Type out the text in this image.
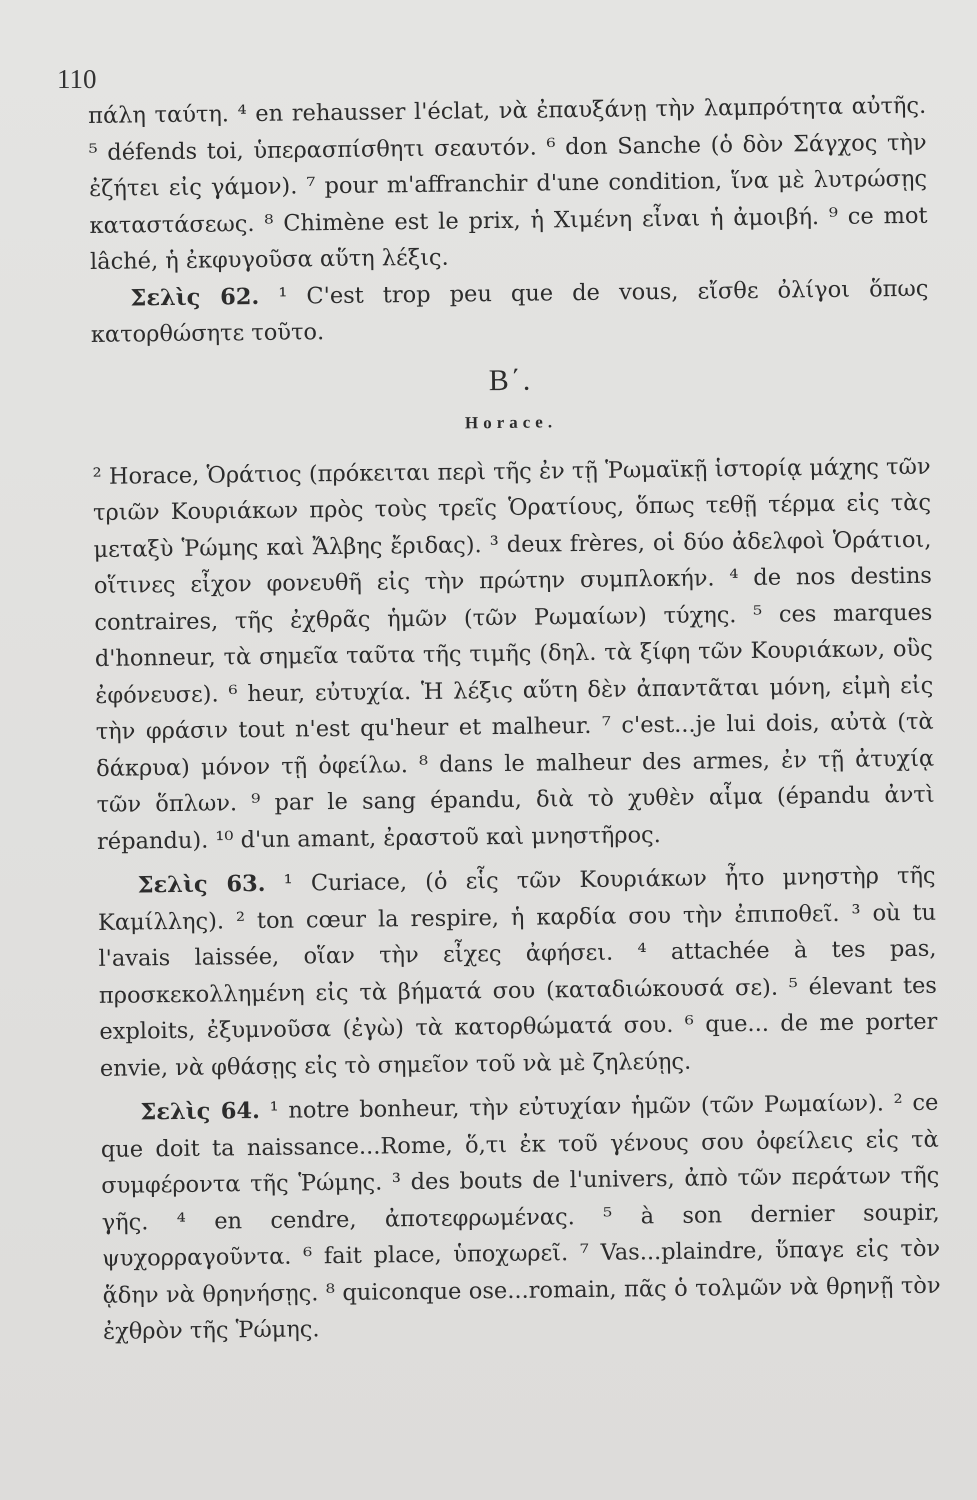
110

πάλη ταύτη. ⁴ en rehausser l'éclat, νὰ ἐπαυξάνῃ τὴν λαμπρότητα αὐτῆς. ⁵ défends toi, ὑπερασπίσθητι σεαυτόν. ⁶ don Sanche (ὁ δὸν Σάγχος τὴν ἐζήτει εἰς γάμον). ⁷ pour m'affranchir d'une condition, ἵνα μὲ λυτρώσῃς καταστάσεως. ⁸ Chimène est le prix, ἡ Χιμένη εἶναι ἡ ἀμοιβή. ⁹ ce mot lâché, ἡ ἐκφυγοῦσα αὕτη λέξις.

Σελὶς 62. ¹ C'est trop peu que de vous, εἴσθε ὀλίγοι ὅπως κατορθώσητε τοῦτο.

B΄.
Horace.

² Horace, Ὁράτιος (πρόκειται περὶ τῆς ἐν τῇ Ῥωμαϊκῇ ἱστορίᾳ μάχης τῶν τριῶν Κουριάκων πρὸς τοὺς τρεῖς Ὁρατίους, ὅπως τεθῇ τέρμα εἰς τὰς μεταξὺ Ῥώμης καὶ Ἄλβης ἔριδας). ³ deux frères, οἱ δύο ἀδελφοὶ Ὁράτιοι, οἵτινες εἶχον φονευθῆ εἰς τὴν πρώτην συμπλοκήν. ⁴ de nos destins contraires, τῆς ἐχθρᾶς ἡμῶν (τῶν Ρωμαίων) τύχης. ⁵ ces marques d'honneur, τὰ σημεῖα ταῦτα τῆς τιμῆς (δηλ. τὰ ξίφη τῶν Κουριάκων, οὓς ἐφόνευσε). ⁶ heur, εὐτυχία. Ἡ λέξις αὕτη δὲν ἀπαντᾶται μόνη, εἰμὴ εἰς τὴν φράσιν tout n'est qu'heur et malheur. ⁷ c'est...je lui dois, αὐτὰ (τὰ δάκρυα) μόνον τῇ ὀφείλω. ⁸ dans le malheur des armes, ἐν τῇ ἀτυχίᾳ τῶν ὅπλων. ⁹ par le sang épandu, διὰ τὸ χυθὲν αἷμα (épandu ἀντὶ répandu). ¹⁰ d'un amant, ἐραστοῦ καὶ μνηστῆρος.

Σελὶς 63. ¹ Curiace, (ὁ εἷς τῶν Κουριάκων ἦτο μνηστὴρ τῆς Καμίλλης). ² ton cœur la respire, ἡ καρδία σου τὴν ἐπιποθεῖ. ³ où tu l'avais laissée, οἵαν τὴν εἶχες ἀφήσει. ⁴ attachée à tes pas, προσκεκολλημένη εἰς τὰ βήματά σου (καταδιώκουσά σε). ⁵ élevant tes exploits, ἐξυμνοῦσα (ἐγὼ) τὰ κατορθώματά σου. ⁶ que... de me porter envie, νὰ φθάσῃς εἰς τὸ σημεῖον τοῦ νὰ μὲ ζηλεύῃς.

Σελὶς 64. ¹ notre bonheur, τὴν εὐτυχίαν ἡμῶν (τῶν Ρωμαίων). ² ce que doit ta naissance...Rome, ὅ,τι ἐκ τοῦ γένους σου ὀφείλεις εἰς τὰ συμφέροντα τῆς Ῥώμης. ³ des bouts de l'univers, ἀπὸ τῶν περάτων τῆς γῆς. ⁴ en cendre, ἀποτεφρωμένας. ⁵ à son dernier soupir, ψυχορραγοῦντα. ⁶ fait place, ὑποχωρεῖ. ⁷ Vas...plaindre, ὕπαγε εἰς τὸν ᾅδην νὰ θρηνήσῃς. ⁸ quiconque ose...romain, πᾶς ὁ τολμῶν νὰ θρηνῇ τὸν ἐχθρὸν τῆς Ῥώμης.
